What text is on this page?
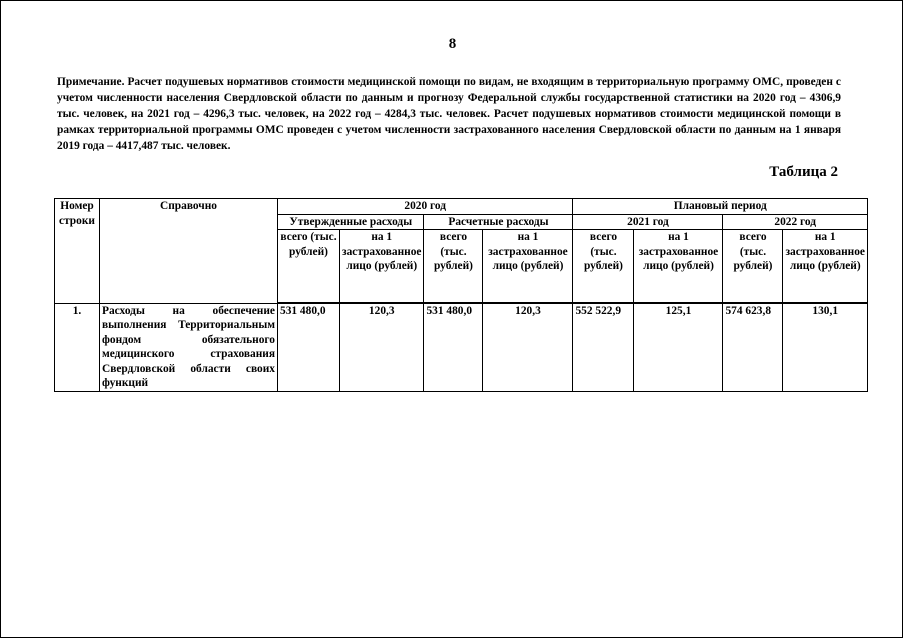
8

Примечание. Расчет подушевых нормативов стоимости медицинской помощи по видам, не входящим в территориальную программу ОМС, проведен с учетом численности населения Свердловской области по данным и прогнозу Федеральной службы государственной статистики на 2020 год – 4306,9 тыс. человек, на 2021 год – 4296,3 тыс. человек, на 2022 год – 4284,3 тыс. человек. Расчет подушевых нормативов стоимости медицинской помощи в рамках территориальной программы ОМС проведен с учетом численности застрахованного населения Свердловской области по данным на 1 января 2019 года – 4417,487 тыс. человек.

Таблица 2
Номер строки	Справочно	2020 год				Плановый период			
		Утвержденные расходы		Расчетные расходы		2021 год		2022 год	
		всего (тыс. рублей)	на 1 застрахованное лицо (рублей)	всего (тыс. рублей)	на 1 застрахованное лицо (рублей)	всего (тыс. рублей)	на 1 застрахованное лицо (рублей)	всего (тыс. рублей)	на 1 застрахованное лицо (рублей)
1.	Расходы на обеспечение выполнения Территориальным фондом обязательного медицинского страхования Свердловской области своих функций	531 480,0	120,3	531 480,0	120,3	552 522,9	125,1	574 623,8	130,1
